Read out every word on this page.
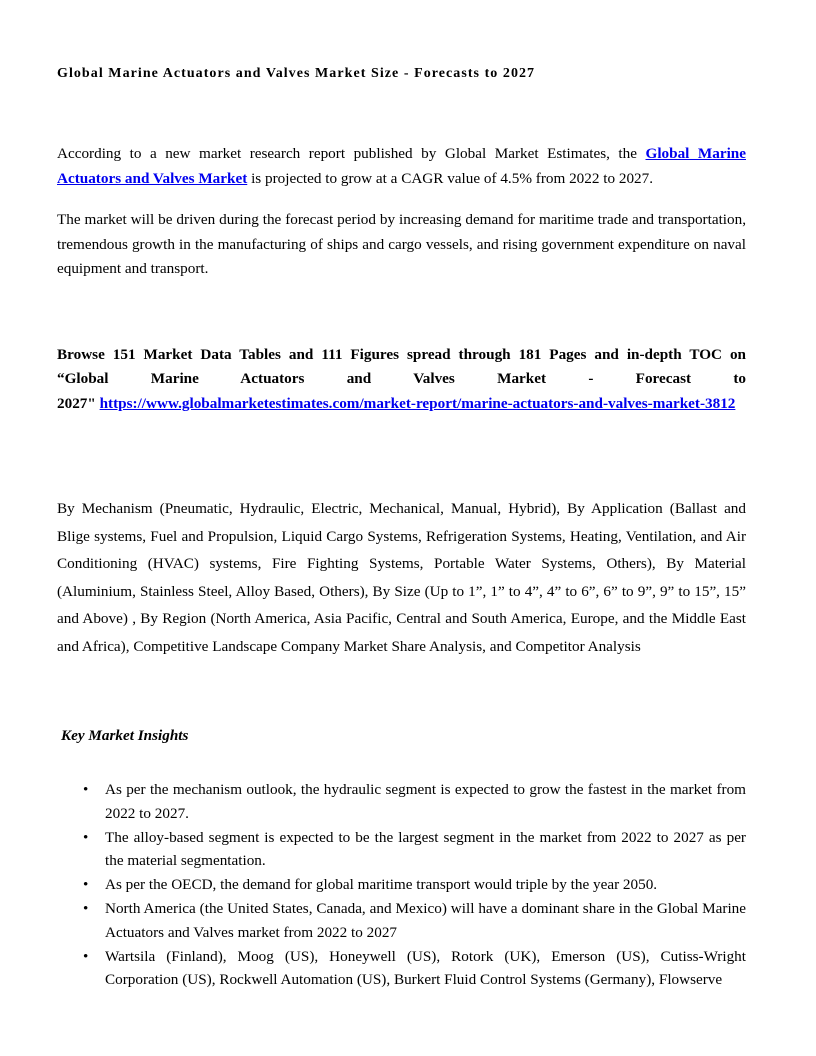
Global Marine Actuators and Valves Market Size - Forecasts to 2027

According to a new market research report published by Global Market Estimates, the Global Marine Actuators and Valves Market is projected to grow at a CAGR value of 4.5% from 2022 to 2027.

The market will be driven during the forecast period by increasing demand for maritime trade and transportation, tremendous growth in the manufacturing of ships and cargo vessels, and rising government expenditure on naval equipment and transport.

Browse 151 Market Data Tables and 111 Figures spread through 181 Pages and in-depth TOC on
“Global Marine Actuators and Valves Market - Forecast to
2027" https://www.globalmarketestimates.com/market-report/marine-actuators-and-valves-market-3812

By Mechanism (Pneumatic, Hydraulic, Electric, Mechanical, Manual, Hybrid), By Application (Ballast and Blige systems, Fuel and Propulsion, Liquid Cargo Systems, Refrigeration Systems, Heating, Ventilation, and Air Conditioning (HVAC) systems, Fire Fighting Systems, Portable Water Systems, Others), By Material (Aluminium, Stainless Steel, Alloy Based, Others), By Size (Up to 1”, 1” to 4”, 4” to 6”, 6” to 9”, 9” to 15”, 15” and Above) , By Region (North America, Asia Pacific, Central and South America, Europe, and the Middle East and Africa), Competitive Landscape Company Market Share Analysis, and Competitor Analysis

Key Market Insights
• As per the mechanism outlook, the hydraulic segment is expected to grow the fastest in the market from 2022 to 2027.
• The alloy-based segment is expected to be the largest segment in the market from 2022 to 2027 as per the material segmentation.
• As per the OECD, the demand for global maritime transport would triple by the year 2050.
• North America (the United States, Canada, and Mexico) will have a dominant share in the Global Marine Actuators and Valves market from 2022 to 2027
• Wartsila (Finland), Moog (US), Honeywell (US), Rotork (UK), Emerson (US), Cutiss-Wright Corporation (US), Rockwell Automation (US), Burkert Fluid Control Systems (Germany), Flowserve
